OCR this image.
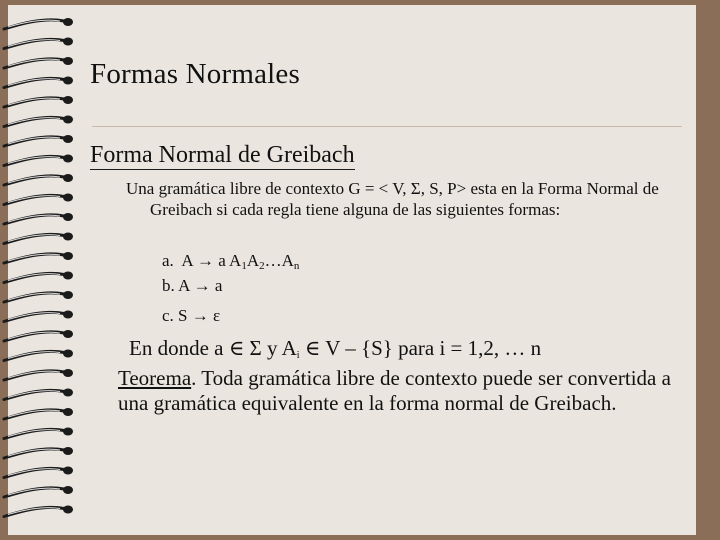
Formas Normales
Forma Normal de Greibach
Una gramática libre de contexto G = < V, Σ, S, P> esta en la Forma Normal de Greibach si cada regla tiene alguna de las siguientes formas:
a. A → a $A_1A_2\dots A_n$
b. A → a
c. S → ε
En donde a ∈ Σ y $A_i$ ∈ V – {S} para i = 1,2, … n
Teorema. Toda gramática libre de contexto puede ser convertida a una gramática equivalente en la forma normal de Greibach.
